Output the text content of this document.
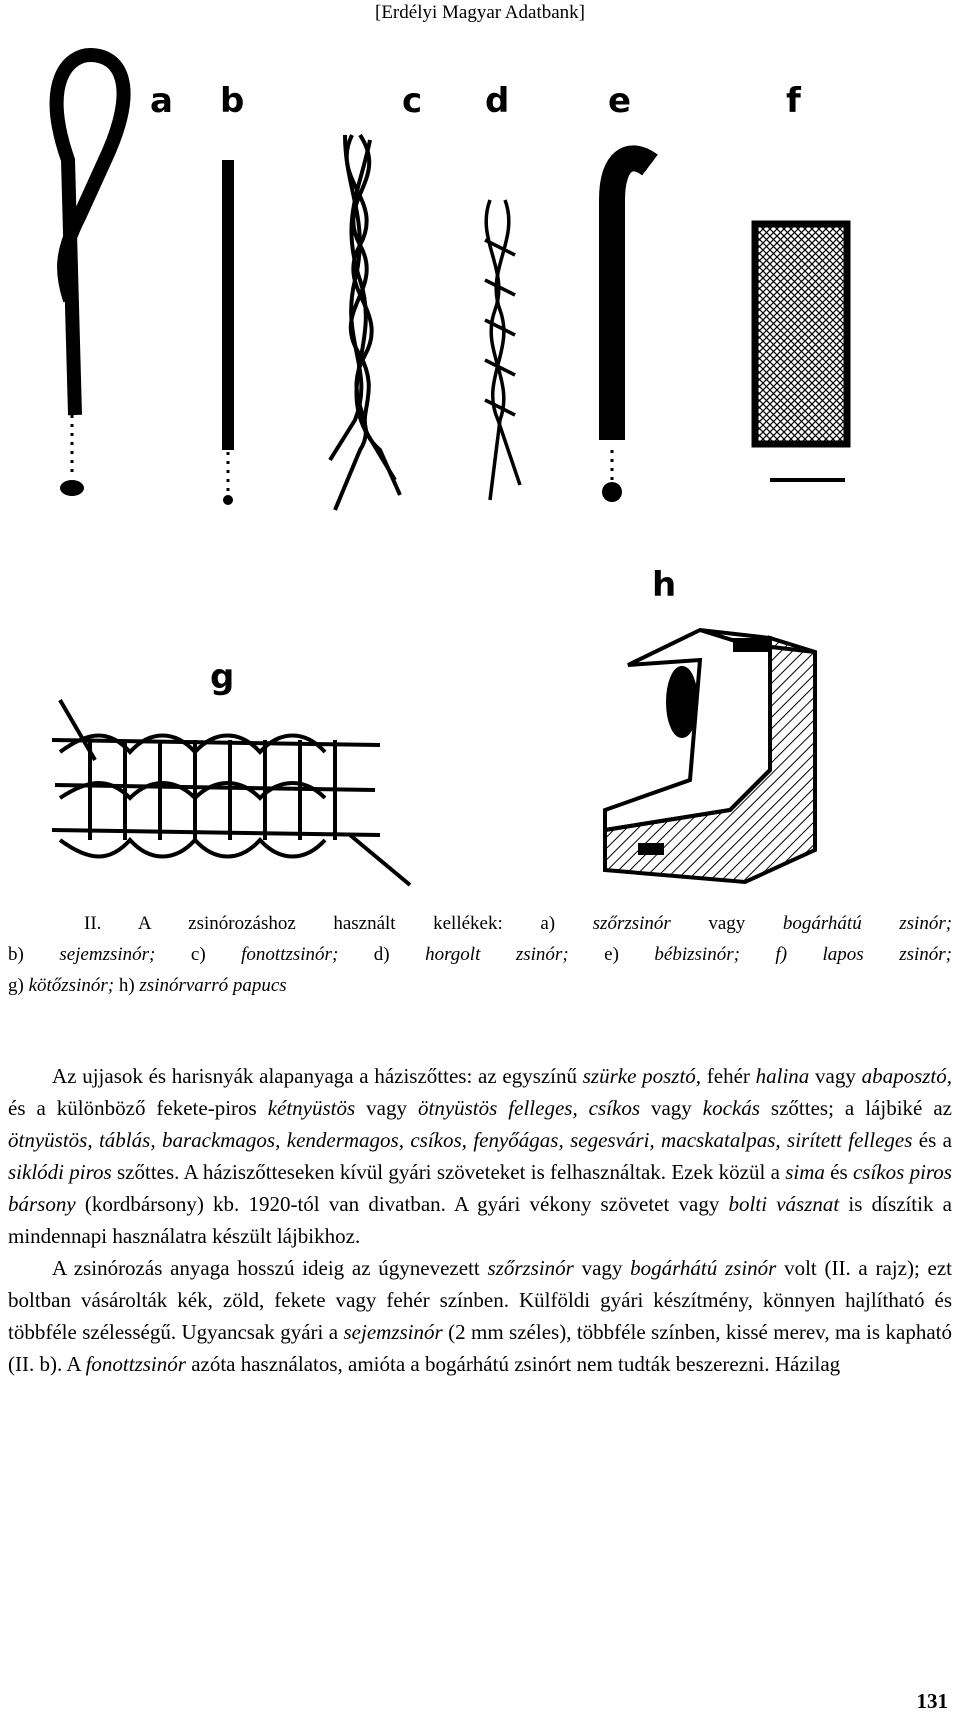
[Erdélyi Magyar Adatbank]
a b	c d	e	f
g
h
    II. A zsinórozáshoz használt kellékek: a) szőrzsinór vagy bogárhátú zsinór;
b) sejemzsinór; c) fonottzsinór; d) horgolt zsinór; e) bébizsinór; f) lapos zsinór;
g) kötőzsinór; h) zsinórvarró papucs

Az ujjasok és harisnyák alapanyaga a háziszőttes: az egyszínű szürke posztó, fehér halina vagy abaposztó, és a különböző fekete-piros kétnyüstös vagy ötnyüstös felleges, csíkos vagy kockás szőttes; a lájbiké az ötnyüstös, táblás, barackmagos, kendermagos, csíkos, fenyőágas, segesvári, macskatalpas, sirített felleges és a siklódi piros szőttes. A háziszőtteseken kívül gyári szöveteket is felhasználtak. Ezek közül a sima és csíkos piros bársony (kordbársony) kb. 1920-tól van divatban. A gyári vékony szövetet vagy bolti vásznat is díszítik a mindennapi használatra készült lájbikhoz.

A zsinórozás anyaga hosszú ideig az úgynevezett szőrzsinór vagy bogárhátú zsinór volt (II. a rajz); ezt boltban vásárolták kék, zöld, fekete vagy fehér színben. Külföldi gyári készítmény, könnyen hajlítható és többféle szélességű. Ugyancsak gyári a sejemzsinór (2 mm széles), többféle színben, kissé merev, ma is kapható (II. b). A fonottzsinór azóta használatos, amióta a bogárhátú zsinórt nem tudták beszerezni. Házilag

131
